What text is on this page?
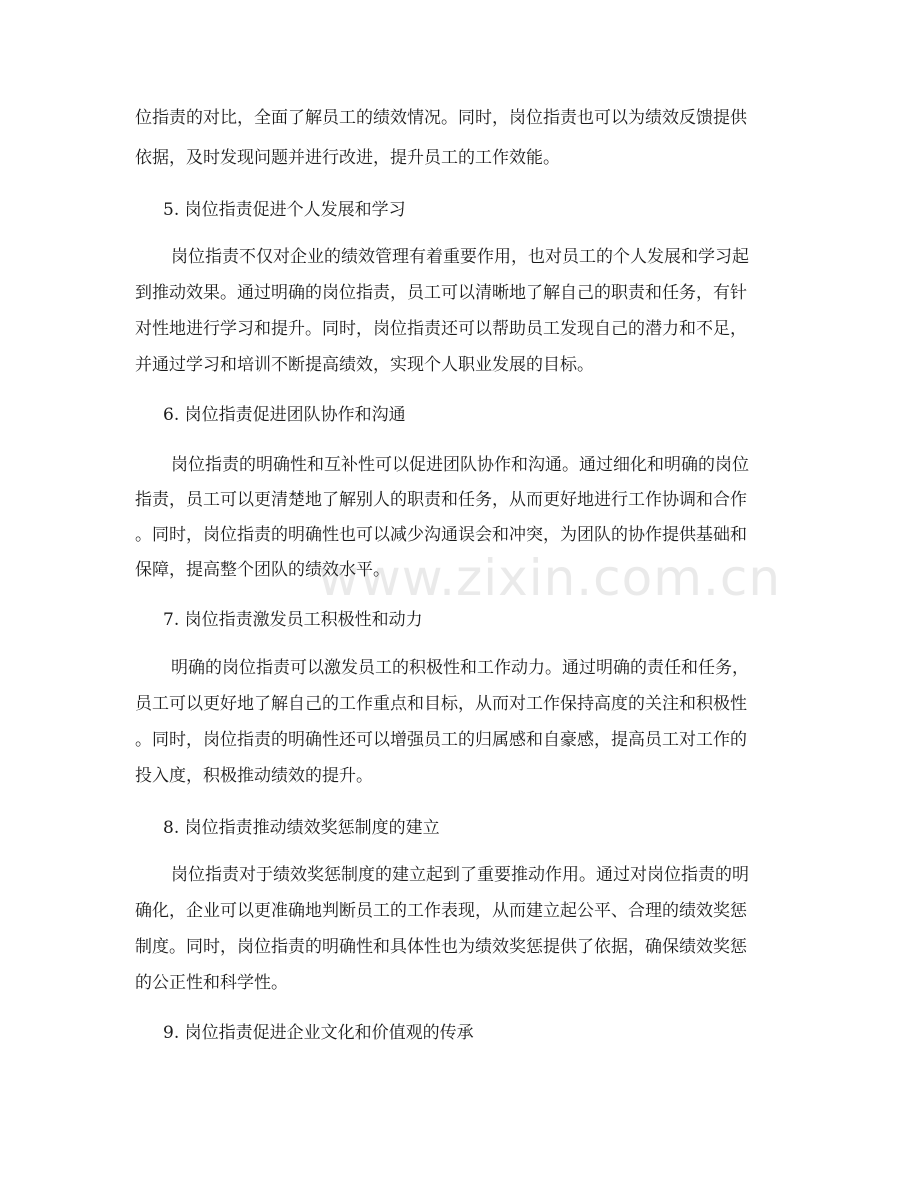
www.zixin.com.cn
位指责的对比，全面了解员工的绩效情况。同时，岗位指责也可以为绩效反馈提供
依据，及时发现问题并进行改进，提升员工的工作效能。
5. 岗位指责促进个人发展和学习
岗位指责不仅对企业的绩效管理有着重要作用，也对员工的个人发展和学习起
到推动效果。通过明确的岗位指责，员工可以清晰地了解自己的职责和任务，有针
对性地进行学习和提升。同时，岗位指责还可以帮助员工发现自己的潜力和不足，
并通过学习和培训不断提高绩效，实现个人职业发展的目标。
6. 岗位指责促进团队协作和沟通
岗位指责的明确性和互补性可以促进团队协作和沟通。通过细化和明确的岗位
指责，员工可以更清楚地了解别人的职责和任务，从而更好地进行工作协调和合作
。同时，岗位指责的明确性也可以减少沟通误会和冲突，为团队的协作提供基础和
保障，提高整个团队的绩效水平。
7. 岗位指责激发员工积极性和动力
明确的岗位指责可以激发员工的积极性和工作动力。通过明确的责任和任务，
员工可以更好地了解自己的工作重点和目标，从而对工作保持高度的关注和积极性
。同时，岗位指责的明确性还可以增强员工的归属感和自豪感，提高员工对工作的
投入度，积极推动绩效的提升。
8. 岗位指责推动绩效奖惩制度的建立
岗位指责对于绩效奖惩制度的建立起到了重要推动作用。通过对岗位指责的明
确化，企业可以更准确地判断员工的工作表现，从而建立起公平、合理的绩效奖惩
制度。同时，岗位指责的明确性和具体性也为绩效奖惩提供了依据，确保绩效奖惩
的公正性和科学性。
9. 岗位指责促进企业文化和价值观的传承
